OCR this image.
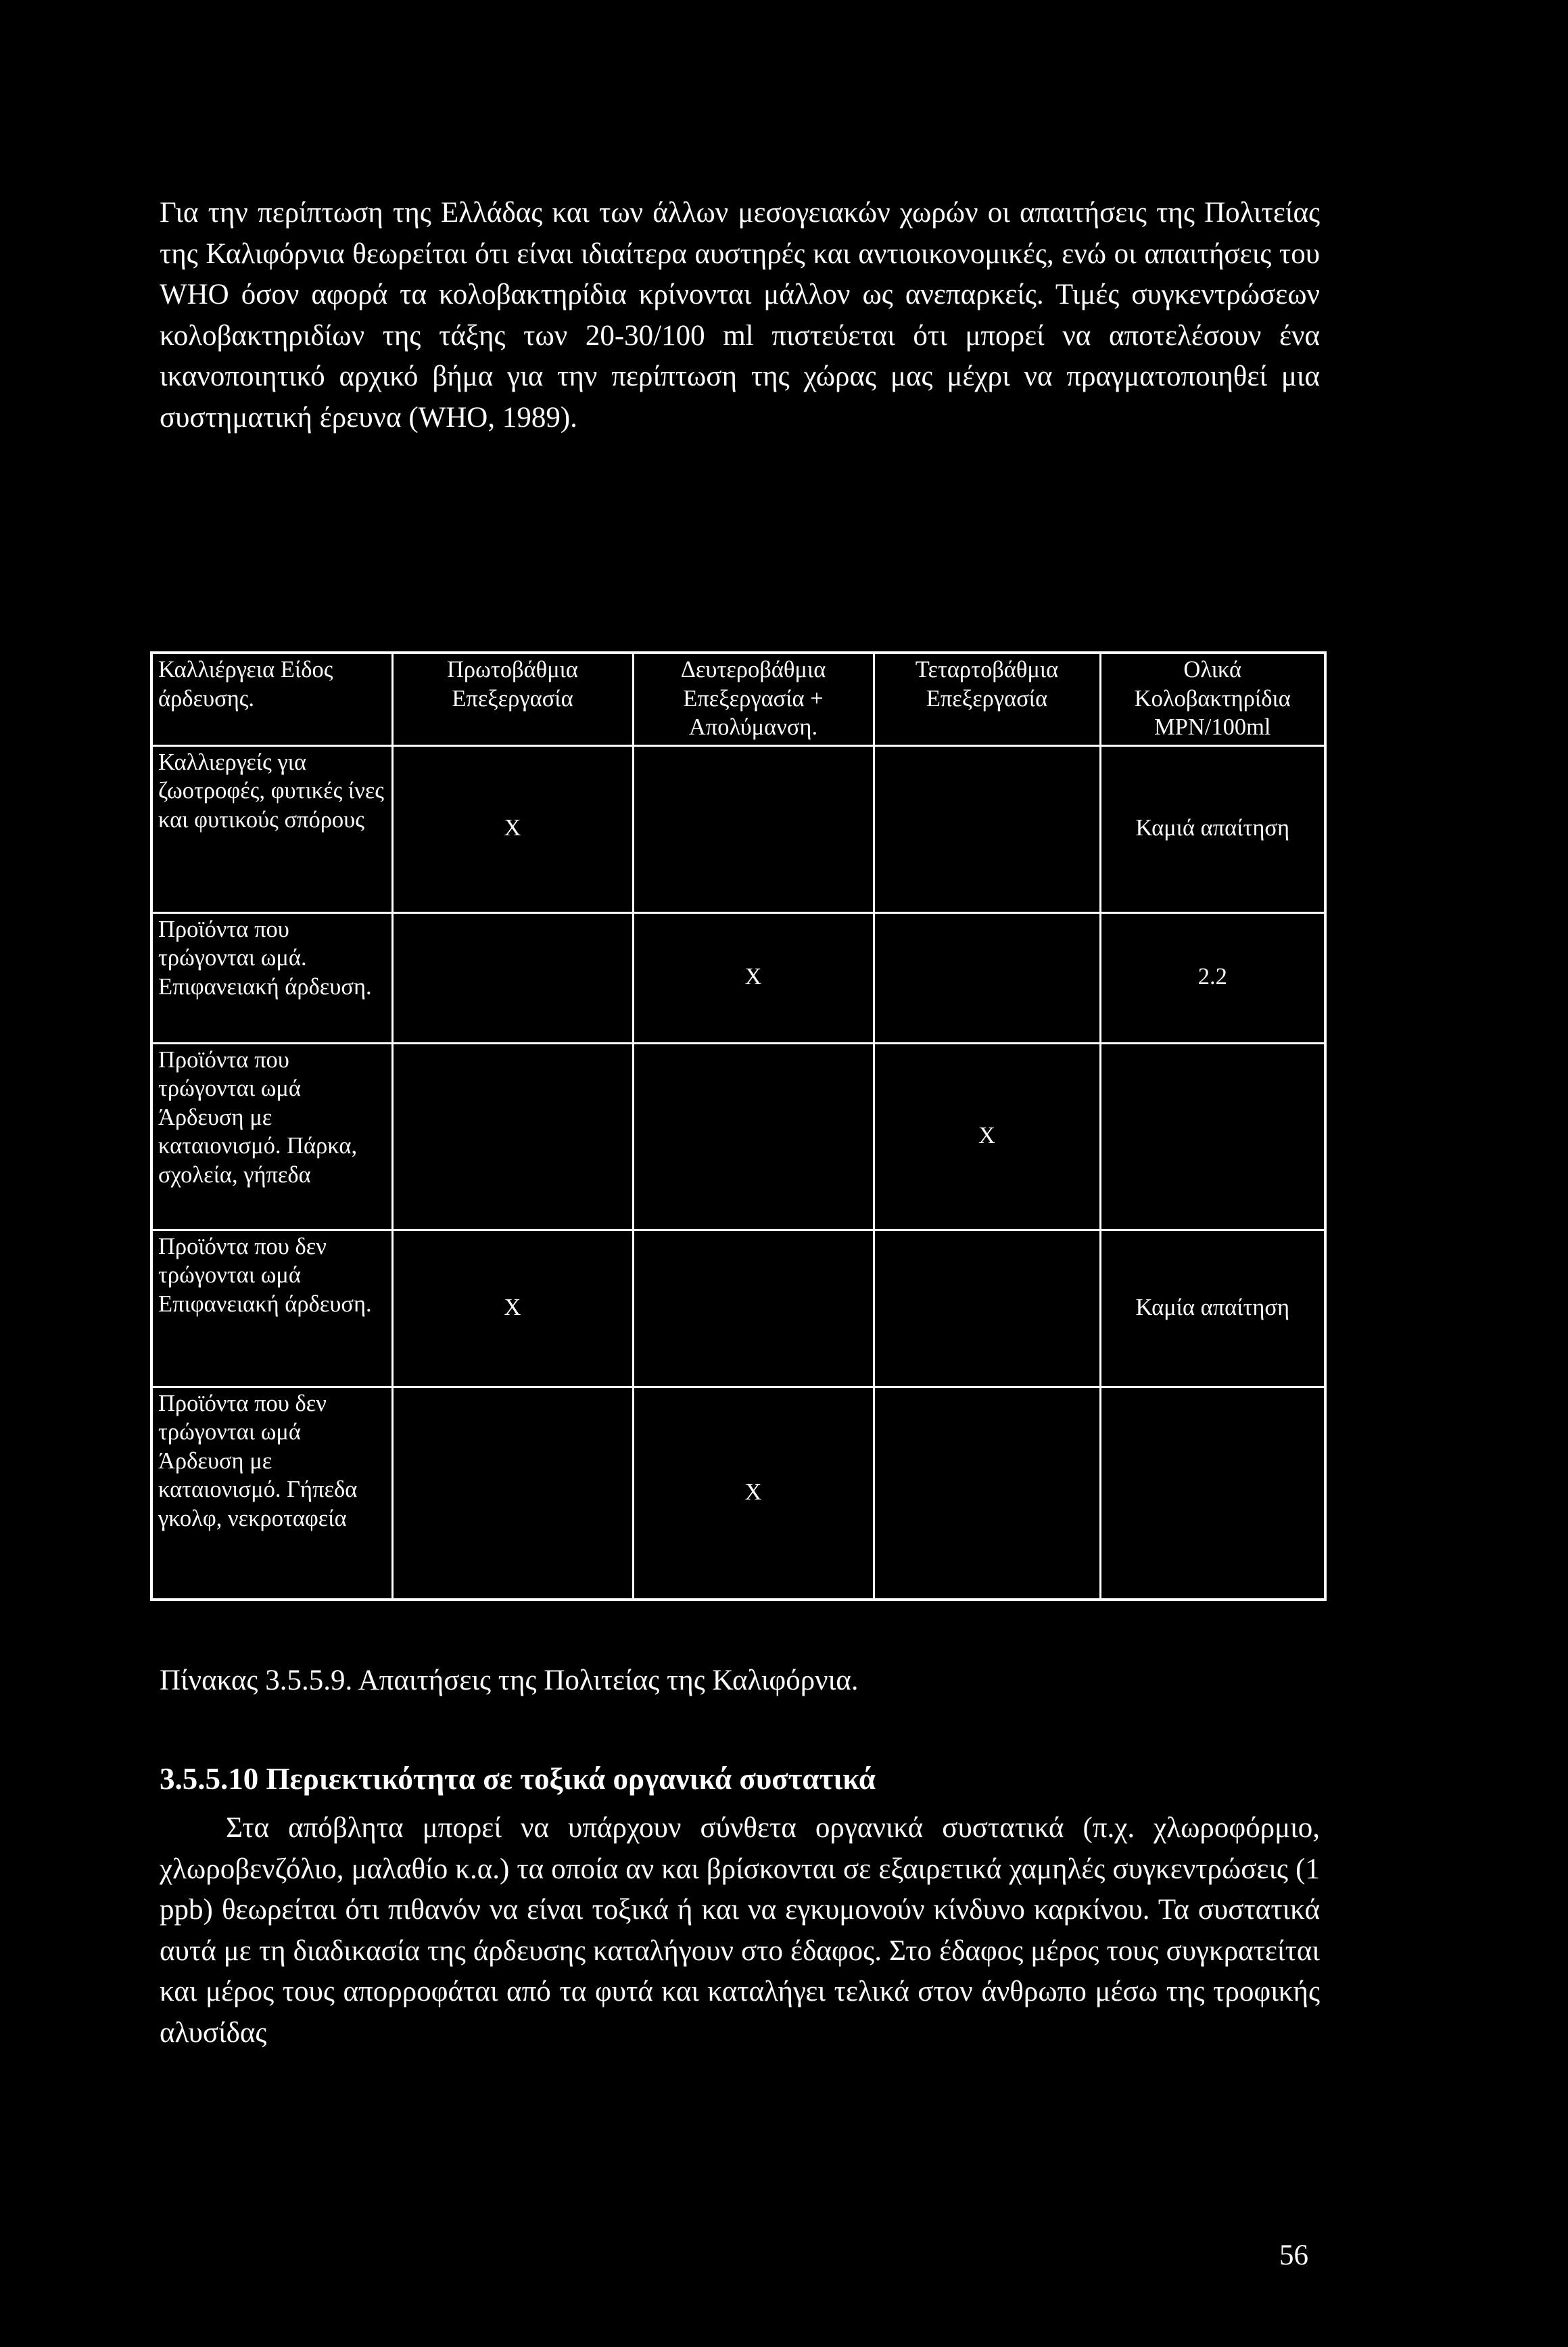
Για την περίπτωση της Ελλάδας και των άλλων μεσογειακών χωρών οι απαιτήσεις της Πολιτείας της Καλιφόρνια θεωρείται ότι είναι ιδιαίτερα αυστηρές και αντιοικονομικές, ενώ οι απαιτήσεις του WHO όσον αφορά τα κολοβακτηρίδια κρίνονται μάλλον ως ανεπαρκείς. Τιμές συγκεντρώσεων κολοβακτηριδίων της τάξης των 20-30/100 ml πιστεύεται ότι μπορεί να αποτελέσουν ένα ικανοποιητικό αρχικό βήμα για την περίπτωση της χώρας μας μέχρι να πραγματοποιηθεί μια συστηματική έρευνα (WHO, 1989).

Καλλιέργεια Είδος άρδευσης.	Πρωτοβάθμια Επεξεργασία	Δευτεροβάθμια Επεξεργασία + Απολύμανση.	Τεταρτοβάθμια Επεξεργασία	Ολικά Κολοβακτηρίδια MPN/100ml
Καλλιεργείς για ζωοτροφές, φυτικές ίνες και φυτικούς σπόρους	X			Καμιά απαίτηση
Προϊόντα που τρώγονται ωμά. Επιφανειακή άρδευση.		X		2.2
Προϊόντα που τρώγονται ωμά Άρδευση με καταιονισμό. Πάρκα, σχολεία, γήπεδα			X	
Προϊόντα που δεν τρώγονται ωμά Επιφανειακή άρδευση.	X			Καμία απαίτηση
Προϊόντα που δεν τρώγονται ωμά Άρδευση με καταιονισμό. Γήπεδα γκολφ, νεκροταφεία		X		

Πίνακας 3.5.5.9. Απαιτήσεις της Πολιτείας της Καλιφόρνια.

3.5.5.10 Περιεκτικότητα σε τοξικά οργανικά συστατικά

Στα απόβλητα μπορεί να υπάρχουν σύνθετα οργανικά συστατικά (π.χ. χλωροφόρμιο, χλωροβενζόλιο, μαλαθίο κ.α.) τα οποία αν και βρίσκονται σε εξαιρετικά χαμηλές συγκεντρώσεις (1 ppb) θεωρείται ότι πιθανόν να είναι τοξικά ή και να εγκυμονούν κίνδυνο καρκίνου. Τα συστατικά αυτά με τη διαδικασία της άρδευσης καταλήγουν στο έδαφος. Στο έδαφος μέρος τους συγκρατείται και μέρος τους απορροφάται από τα φυτά και καταλήγει τελικά στον άνθρωπο μέσω της τροφικής αλυσίδας

56
